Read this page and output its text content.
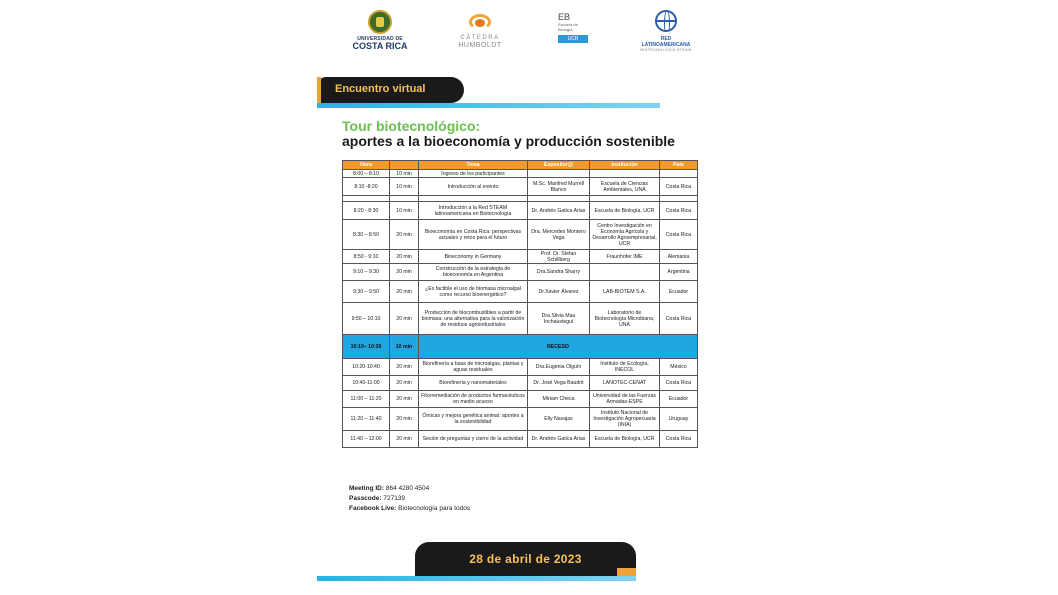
UNIVERSIDAD DE
COSTA RICA
CÁTEDRA
HUMBOLDT
EB
Escuela de
Biología
UCR	RED LATINOAMERICANA
BIOTECNOLOGÍA STEAM
Encuentro virtual
Tour biotecnológico:
aportes a la bioeconomía y producción sostenible
Hora		Tema	Expositor@	Institución	País
8:00 – 8:10	10 min	Ingreso de los participantes			
8:10 -8:20	10 min	Introducción al evento	M.Sc. Manfred Murrell Blanco	Escuela de Ciencias Ambientales, UNA	Costa Rica

8:20 - 8:30	10 min	Introducción a la Red STEAM latinoamericana en Biotecnología	Dr. Andrés Gatica Arias	Escuela de Biología, UCR	Costa Rica
8:30 – 8:50	20 min	Bioeconomía en Costa Rica: perspectivas actuales y retos para el futuro	Dra. Mercedes Montero Vega	Centro Investigación en Economía Agrícola y Desarrollo Agroempresarial, UCR	Costa Rica
8:50 - 9:10	20 min	Bioeconomy in Germany	Prof. Dr. Stefan Schillberg	Fraunhofer IME	Alemania
9:10 – 9:30	20 min	Construcción de la estrategia de bioeconomía en Argentina	Dra.Sandra Sharry		Argentina
9:30 – 9:50	20 min	¿Es factible el uso de biomasa microalgal como recurso bioenergético?	Dr.Xavier Álvarez	LAB-BIOTEM S.A.	Ecuador
9:50 – 10:10	20 min	Producción de biocombustibles a partir de biomasa: una alternativa para la valorización de residuos agroindustriales	Dra.Silvia Mau Inchaustegui	Laboratorio de Biotecnología Microbiana, UNA	Costa Rica
10:10– 10:20	10 min	RECESO			
10:20-10:40	20 min	Biorefinería a base de microalgas, plantas y aguas residuales	Dra.Eugenia Olguín	Instituto de Ecología, INECOL	México
10:40-11:00	20 min	Biorefinería y nanomateriales	Dr. José Vega Baudrit	LANOTEC-CENAT	Costa Rica
11:00 – 11:20	20 min	Fitorremediación de productos farmacéuticos en medio acuoso	Miriam Checa	Universidad de las Fuerzas Armadas-ESPE	Ecuador
11:20 – 11:40	20 min	Ómicas y mejora genética animal: aportes a la sostenibilidad	Elly Navajas	Instituto Nacional de Investigación Agropecuaria (INIA)	Uruguay
11:40 – 12:00	20 min	Sesión de preguntas y cierre de la actividad	Dr. Andrés Gatica Arias	Escuela de Biología, UCR	Costa Rica
Meeting ID: 864 4280 4504
Passcode: 727139
Facebook Live: Biotecnología para todos
28 de abril de 2023
